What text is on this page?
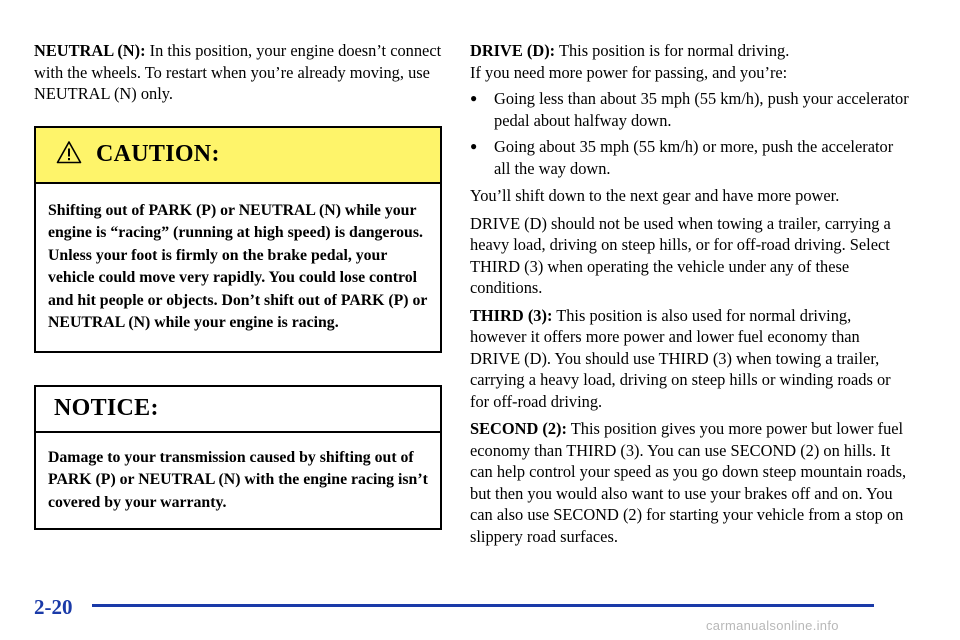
NEUTRAL (N): In this position, your engine doesn’t connect with the wheels. To restart when you’re already moving, use NEUTRAL (N) only.

CAUTION:

Shifting out of PARK (P) or NEUTRAL (N) while your engine is “racing” (running at high speed) is dangerous. Unless your foot is firmly on the brake pedal, your vehicle could move very rapidly. You could lose control and hit people or objects. Don’t shift out of PARK (P) or NEUTRAL (N) while your engine is racing.

NOTICE:

Damage to your transmission caused by shifting out of PARK (P) or NEUTRAL (N) with the engine racing isn’t covered by your warranty.

DRIVE (D): This position is for normal driving.

If you need more power for passing, and you’re:

●	Going less than about 35 mph (55 km/h), push your accelerator pedal about halfway down.

●	Going about 35 mph (55 km/h) or more, push the accelerator all the way down.

You’ll shift down to the next gear and have more power.

DRIVE (D) should not be used when towing a trailer, carrying a heavy load, driving on steep hills, or for off-road driving. Select THIRD (3) when operating the vehicle under any of these conditions.

THIRD (3): This position is also used for normal driving, however it offers more power and lower fuel economy than DRIVE (D). You should use THIRD (3) when towing a trailer, carrying a heavy load, driving on steep hills or winding roads or for off-road driving.

SECOND (2): This position gives you more power but lower fuel economy than THIRD (3). You can use SECOND (2) on hills. It can help control your speed as you go down steep mountain roads, but then you would also want to use your brakes off and on. You can also use SECOND (2) for starting your vehicle from a stop on slippery road surfaces.

2-20
carmanualsonline.info
